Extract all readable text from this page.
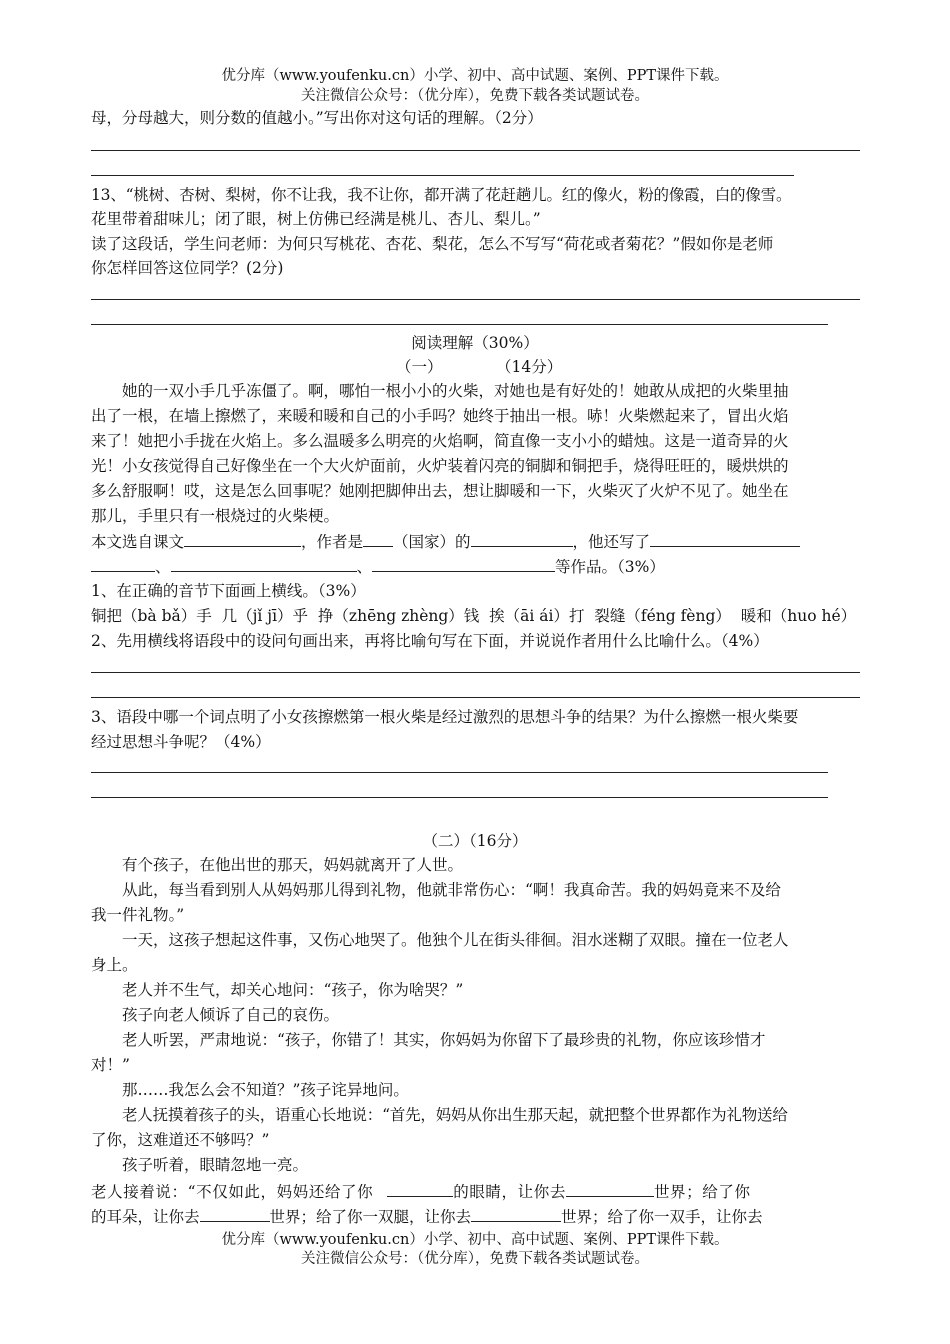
优分库（www.youfenku.cn）小学、初中、高中试题、案例、PPT课件下载。
关注微信公众号：（优分库），免费下载各类试题试卷。
母，分母越大，则分数的值越小。”写出你对这句话的理解。（2分）
13、“桃树、杏树、梨树，你不让我，我不让你，都开满了花赶趟儿。红的像火，粉的像霞，白的像雪。
花里带着甜味儿；闭了眼，树上仿佛已经满是桃儿、杏儿、梨儿。”
读了这段话，学生问老师：为何只写桃花、杏花、梨花，怎么不写写“荷花或者菊花？”假如你是老师
你怎样回答这位同学？(2分)
阅读理解（30%）
（一）	（14分）
她的一双小手几乎冻僵了。啊，哪怕一根小小的火柴，对她也是有好处的！她敢从成把的火柴里抽
出了一根，在墙上擦燃了，来暖和暖和自己的小手吗？她终于抽出一根。哧！火柴燃起来了，冒出火焰
来了！她把小手拢在火焰上。多么温暖多么明亮的火焰啊，简直像一支小小的蜡烛。这是一道奇异的火
光！小女孩觉得自己好像坐在一个大火炉面前，火炉装着闪亮的铜脚和铜把手，烧得旺旺的，暖烘烘的
多么舒服啊！哎，这是怎么回事呢？她刚把脚伸出去，想让脚暖和一下，火柴灭了火炉不见了。她坐在
那儿，手里只有一根烧过的火柴梗。
本文选自课文	，作者是 （国家）的	，他还写了
、	、	等作品。（3%）
1、在正确的音节下面画上横线。（3%）
铜把（bà bǎ）手  几（jǐ jī）乎  挣（zhēng zhèng）钱  挨（āi ái）打  裂缝（féng fèng）  暖和（huo hé）
2、先用横线将语段中的设问句画出来，再将比喻句写在下面，并说说作者用什么比喻什么。（4%）
3、语段中哪一个词点明了小女孩擦燃第一根火柴是经过激烈的思想斗争的结果？为什么擦燃一根火柴要
经过思想斗争呢？（4%）
（二）（16分）
有个孩子，在他出世的那天，妈妈就离开了人世。
从此，每当看到别人从妈妈那儿得到礼物，他就非常伤心：“啊！我真命苦。我的妈妈竟来不及给
我一件礼物。”
一天，这孩子想起这件事，又伤心地哭了。他独个儿在街头徘徊。泪水迷糊了双眼。撞在一位老人
身上。
老人并不生气，却关心地问：“孩子，你为啥哭？”
孩子向老人倾诉了自己的哀伤。
老人听罢，严肃地说：“孩子，你错了！其实，你妈妈为你留下了最珍贵的礼物，你应该珍惜才
对！”
那……我怎么会不知道？”孩子诧异地问。
老人抚摸着孩子的头，语重心长地说：“首先，妈妈从你出生那天起，就把整个世界都作为礼物送给
了你，这难道还不够吗？”
孩子听着，眼睛忽地一亮。
老人接着说：“不仅如此，妈妈还给了你	的眼睛，让你去	世界；给了你
的耳朵，让你去	世界；给了你一双腿，让你去	世界；给了你一双手，让你去
优分库（www.youfenku.cn）小学、初中、高中试题、案例、PPT课件下载。
关注微信公众号：（优分库），免费下载各类试题试卷。
